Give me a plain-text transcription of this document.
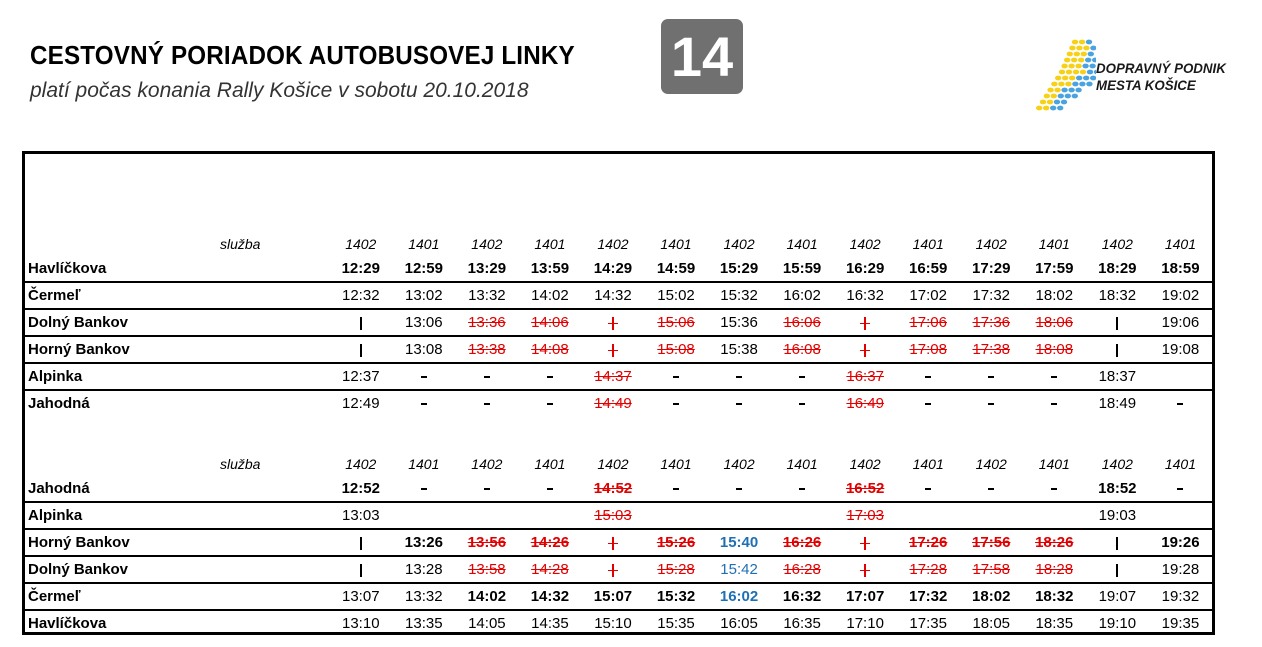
CESTOVNÝ PORIADOK AUTOBUSOVEJ LINKY
platí počas konania Rally Košice v sobotu 20.10.2018
14	DOPRAVNÝ PODNIK
MESTA KOŠICE
služba	1402	1401	1402	1401	1402	1401	1402	1401	1402	1401	1402	1401	1402	1401
Havlíčkova	12:29	12:59	13:29	13:59	14:29	14:59	15:29	15:59	16:29	16:59	17:29	17:59	18:29	18:59
Čermeľ	12:32	13:02	13:32	14:02	14:32	15:02	15:32	16:02	16:32	17:02	17:32	18:02	18:32	19:02
Dolný Bankov		13:06	13:36	14:06		15:06	15:36	16:06		17:06	17:36	18:06		19:06
Horný Bankov		13:08	13:38	14:08		15:08	15:38	16:08		17:08	17:38	18:08		19:08
Alpinka	12:37				14:37				16:37				18:37	
Jahodná	12:49				14:49				16:49				18:49	
služba	1402	1401	1402	1401	1402	1401	1402	1401	1402	1401	1402	1401	1402	1401
Jahodná	12:52				14:52				16:52				18:52	
Alpinka	13:03				15:03				17:03				19:03	
Horný Bankov		13:26	13:56	14:26		15:26	15:40	16:26		17:26	17:56	18:26		19:26
Dolný Bankov		13:28	13:58	14:28		15:28	15:42	16:28		17:28	17:58	18:28		19:28
Čermeľ	13:07	13:32	14:02	14:32	15:07	15:32	16:02	16:32	17:07	17:32	18:02	18:32	19:07	19:32
Havlíčkova	13:10	13:35	14:05	14:35	15:10	15:35	16:05	16:35	17:10	17:35	18:05	18:35	19:10	19:35
